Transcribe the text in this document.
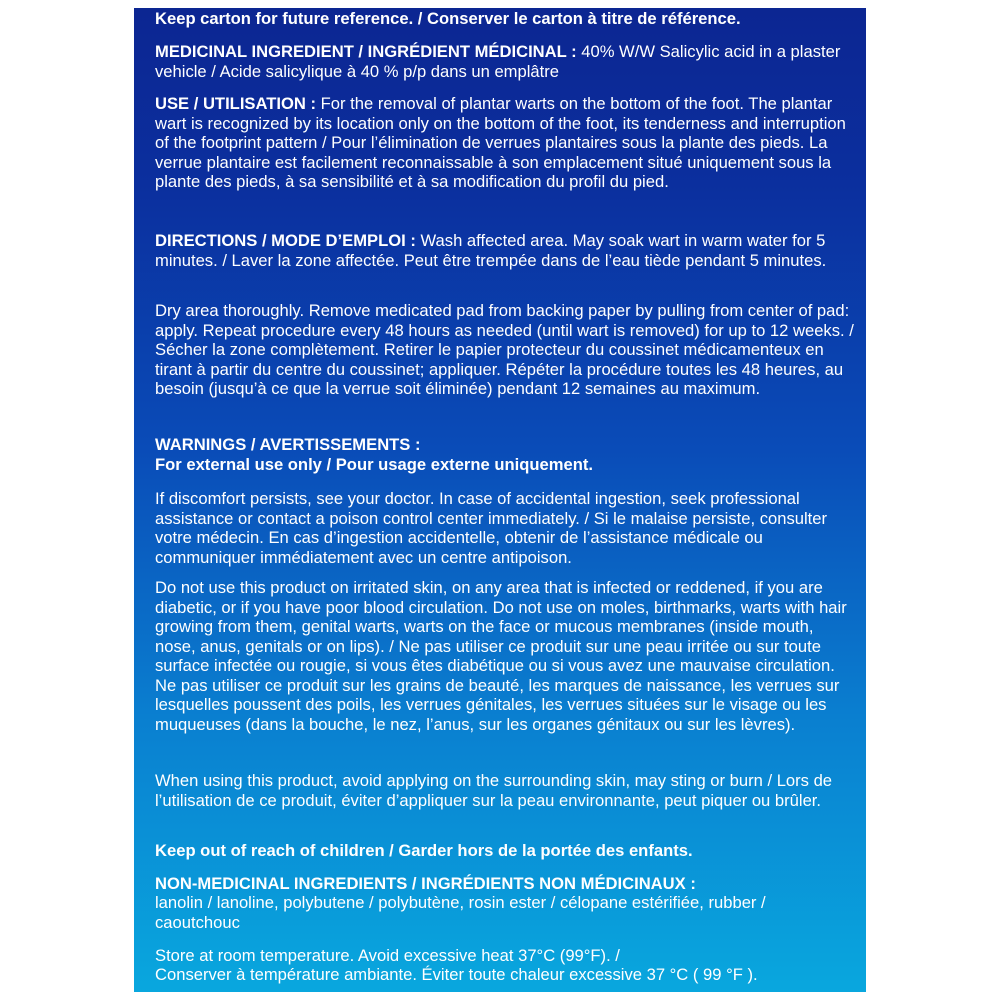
Keep carton for future reference. / Conserver le carton à titre de référence.

MEDICINAL INGREDIENT / INGRÉDIENT MÉDICINAL : 40% W/W Salicylic acid in a plaster vehicle / Acide salicylique à 40 % p/p dans un emplâtre

USE / UTILISATION : For the removal of plantar warts on the bottom of the foot. The plantar wart is recognized by its location only on the bottom of the foot, its tenderness and interruption of the footprint pattern / Pour l’élimination de verrues plantaires sous la plante des pieds. La verrue plantaire est facilement reconnaissable à son emplacement situé uniquement sous la plante des pieds, à sa sensibilité et à sa modification du profil du pied.

DIRECTIONS / MODE D’EMPLOI : Wash affected area. May soak wart in warm water for 5 minutes. / Laver la zone affectée. Peut être trempée dans de l’eau tiède pendant 5 minutes.

Dry area thoroughly. Remove medicated pad from backing paper by pulling from center of pad: apply. Repeat procedure every 48 hours as needed (until wart is removed) for up to 12 weeks. / Sécher la zone complètement. Retirer le papier protecteur du coussinet médicamenteux en tirant à partir du centre du coussinet; appliquer. Répéter la procédure toutes les 48 heures, au besoin (jusqu’à ce que la verrue soit éliminée) pendant 12 semaines au maximum.

WARNINGS / AVERTISSEMENTS :

For external use only / Pour usage externe uniquement.

If discomfort persists, see your doctor. In case of accidental ingestion, seek professional assistance or contact a poison control center immediately. / Si le malaise persiste, consulter votre médecin. En cas d’ingestion accidentelle, obtenir de l’assistance médicale ou communiquer immédiatement avec un centre antipoison.

Do not use this product on irritated skin, on any area that is infected or reddened, if you are diabetic, or if you have poor blood circulation. Do not use on moles, birthmarks, warts with hair growing from them, genital warts, warts on the face or mucous membranes (inside mouth, nose, anus, genitals or on lips). / Ne pas utiliser ce produit sur une peau irritée ou sur toute surface infectée ou rougie, si vous êtes diabétique ou si vous avez une mauvaise circulation. Ne pas utiliser ce produit sur les grains de beauté, les marques de naissance, les verrues sur lesquelles poussent des poils, les verrues génitales, les verrues situées sur le visage ou les muqueuses (dans la bouche, le nez, l’anus, sur les organes génitaux ou sur les lèvres).

When using this product, avoid applying on the surrounding skin, may sting or burn / Lors de l’utilisation de ce produit, éviter d’appliquer sur la peau environnante, peut piquer ou brûler.

Keep out of reach of children / Garder hors de la portée des enfants.

NON-MEDICINAL INGREDIENTS / INGRÉDIENTS NON MÉDICINAUX :

lanolin / lanoline, polybutene / polybutène, rosin ester / célopane estérifiée, rubber / caoutchouc

Store at room temperature. Avoid excessive heat 37°C (99°F). /

Conserver à température ambiante. Éviter toute chaleur excessive 37 °C ( 99 °F ).
